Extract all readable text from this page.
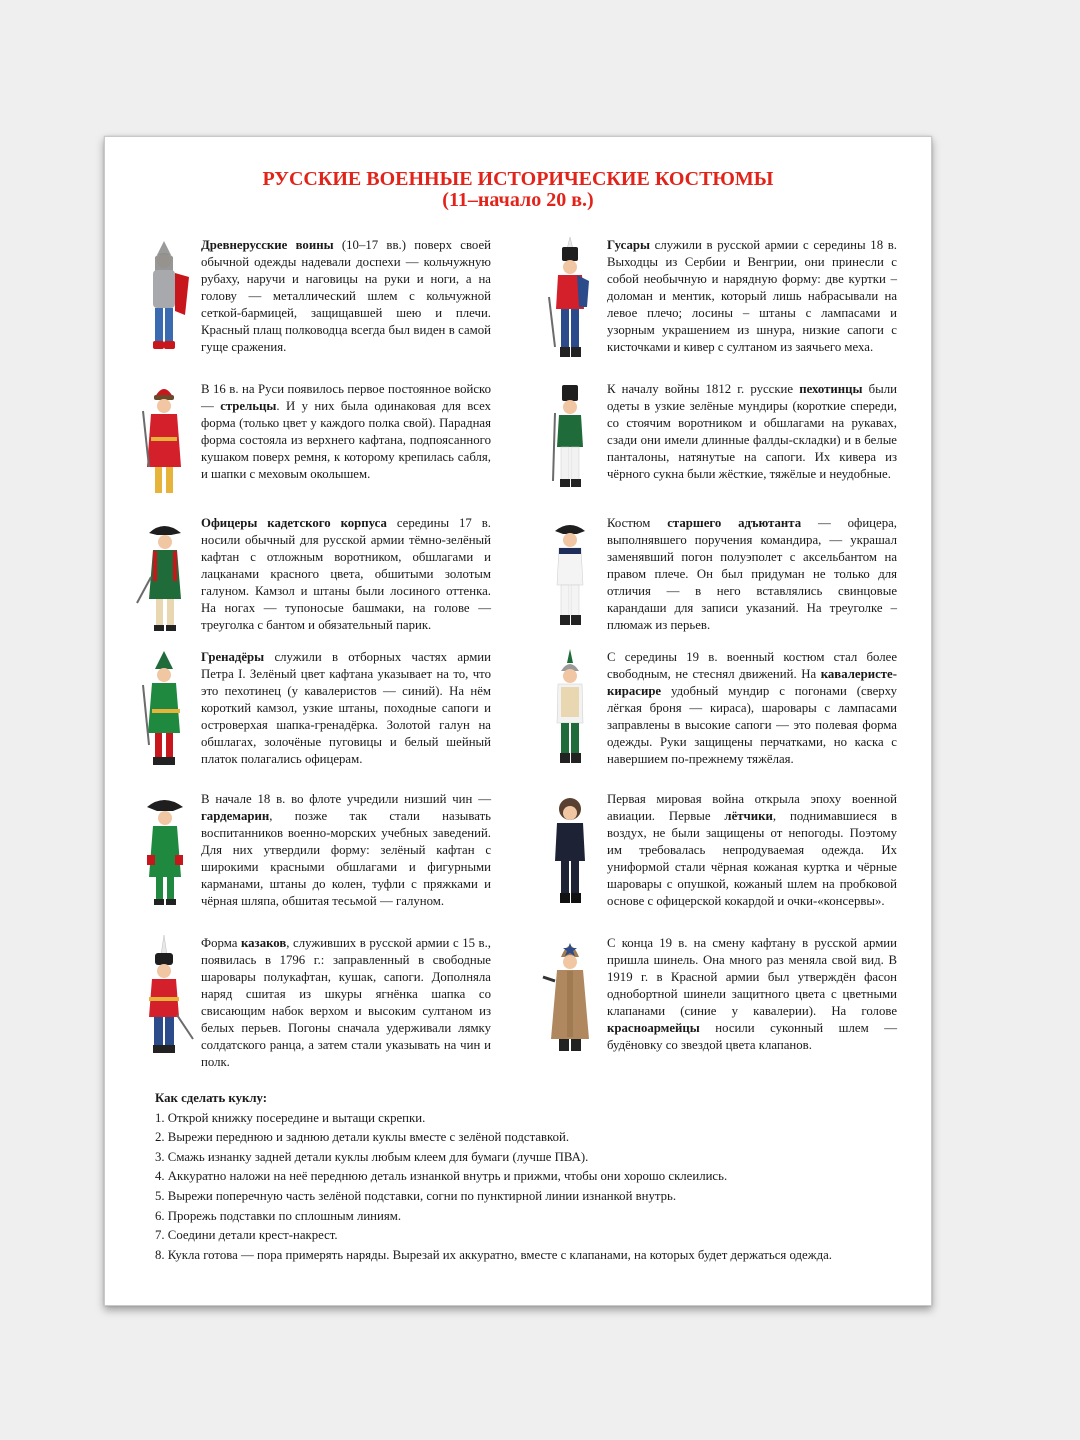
РУССКИЕ ВОЕННЫЕ ИСТОРИЧЕСКИЕ КОСТЮМЫ
(11–начало 20 в.)
Древнерусские воины (10–17 вв.) поверх своей обычной одежды надевали доспехи — кольчужную рубаху, наручи и наговицы на руки и ноги, а на голову — металлический шлем с кольчужной сеткой-бармицей, защищавшей шею и плечи. Красный плащ полководца всегда был виден в самой гуще сражения.
В 16 в. на Руси появилось первое постоянное войско — стрельцы. И у них была одинаковая для всех форма (только цвет у каждого полка свой). Парадная форма состояла из верхнего кафтана, подпоясанного кушаком поверх ремня, к которому крепилась сабля, и шапки с меховым околышем.
Офицеры кадетского корпуса середины 17 в. носили обычный для русской армии тёмно-зелёный кафтан с отложным воротником, обшлагами и лацканами красного цвета, обшитыми золотым галуном. Камзол и штаны были лосиного оттенка. На ногах — тупоносые башмаки, на голове — треуголка с бантом и обязательный парик.
Гренадёры служили в отборных частях армии Петра I. Зелёный цвет кафтана указывает на то, что это пехотинец (у кавалеристов — синий). На нём короткий камзол, узкие штаны, походные сапоги и островерхая шапка-гренадёрка. Золотой галун на обшлагах, золочёные пуговицы и белый шейный платок полагались офицерам.
В начале 18 в. во флоте учредили низший чин — гардемарин, позже так стали называть воспитанников военно-морских учебных заведений. Для них утвердили форму: зелёный кафтан с широкими красными обшлагами и фигурными карманами, штаны до колен, туфли с пряжками и чёрная шляпа, обшитая тесьмой — галуном.
Форма казаков, служивших в русской армии с 15 в., появилась в 1796 г.: заправленный в свободные шаровары полукафтан, кушак, сапоги. Дополняла наряд сшитая из шкуры ягнёнка шапка со свисающим набок верхом и высоким султаном из белых перьев. Погоны сначала удерживали лямку солдатского ранца, а затем стали указывать на чин и полк.
Гусары служили в русской армии с середины 18 в. Выходцы из Сербии и Венгрии, они принесли с собой необычную и нарядную форму: две куртки – доломан и ментик, который лишь набрасывали на левое плечо; лосины – штаны с лампасами и узорным украшением из шнура, низкие сапоги с кисточками и кивер с султаном из заячьего меха.
К началу войны 1812 г. русские пехотинцы были одеты в узкие зелёные мундиры (короткие спереди, со стоячим воротником и обшлагами на рукавах, сзади они имели длинные фалды-складки) и в белые панталоны, натянутые на сапоги. Их кивера из чёрного сукна были жёсткие, тяжёлые и неудобные.
Костюм старшего адъютанта — офицера, выполнявшего поручения командира, — украшал заменявший погон полуэполет с аксельбантом на правом плече. Он был придуман не только для отличия — в него вставлялись свинцовые карандаши для записи указаний. На треуголке – плюмаж из перьев.
С середины 19 в. военный костюм стал более свободным, не стеснял движений. На кавалеристе-кирасире удобный мундир с погонами (сверху лёгкая броня — кираса), шаровары с лампасами заправлены в высокие сапоги — это полевая форма одежды. Руки защищены перчатками, но каска с навершием по-прежнему тяжёлая.
Первая мировая война открыла эпоху военной авиации. Первые лётчики, поднимавшиеся в воздух, не были защищены от непогоды. Поэтому им требовалась непродуваемая одежда. Их униформой стали чёрная кожаная куртка и чёрные шаровары с опушкой, кожаный шлем на пробковой основе с офицерской кокардой и очки-«консервы».
С конца 19 в. на смену кафтану в русской армии пришла шинель. Она много раз меняла свой вид. В 1919 г. в Красной армии был утверждён фасон однобортной шинели защитного цвета с цветными клапанами (синие у кавалерии). На голове красноармейцы носили суконный шлем — будёновку со звездой цвета клапанов.
Как сделать куклу:
1. Открой книжку посередине и вытащи скрепки.
2. Вырежи переднюю и заднюю детали куклы вместе с зелёной подставкой.
3. Смажь изнанку задней детали куклы любым клеем для бумаги (лучше ПВА).
4. Аккуратно наложи на неё переднюю деталь изнанкой внутрь и прижми, чтобы они хорошо склеились.
5. Вырежи поперечную часть зелёной подставки, согни по пунктирной линии изнанкой внутрь.
6. Прорежь подставки по сплошным линиям.
7. Соедини детали крест-накрест.
8. Кукла готова — пора примерять наряды. Вырезай их аккуратно, вместе с клапанами, на которых будет держаться одежда.
